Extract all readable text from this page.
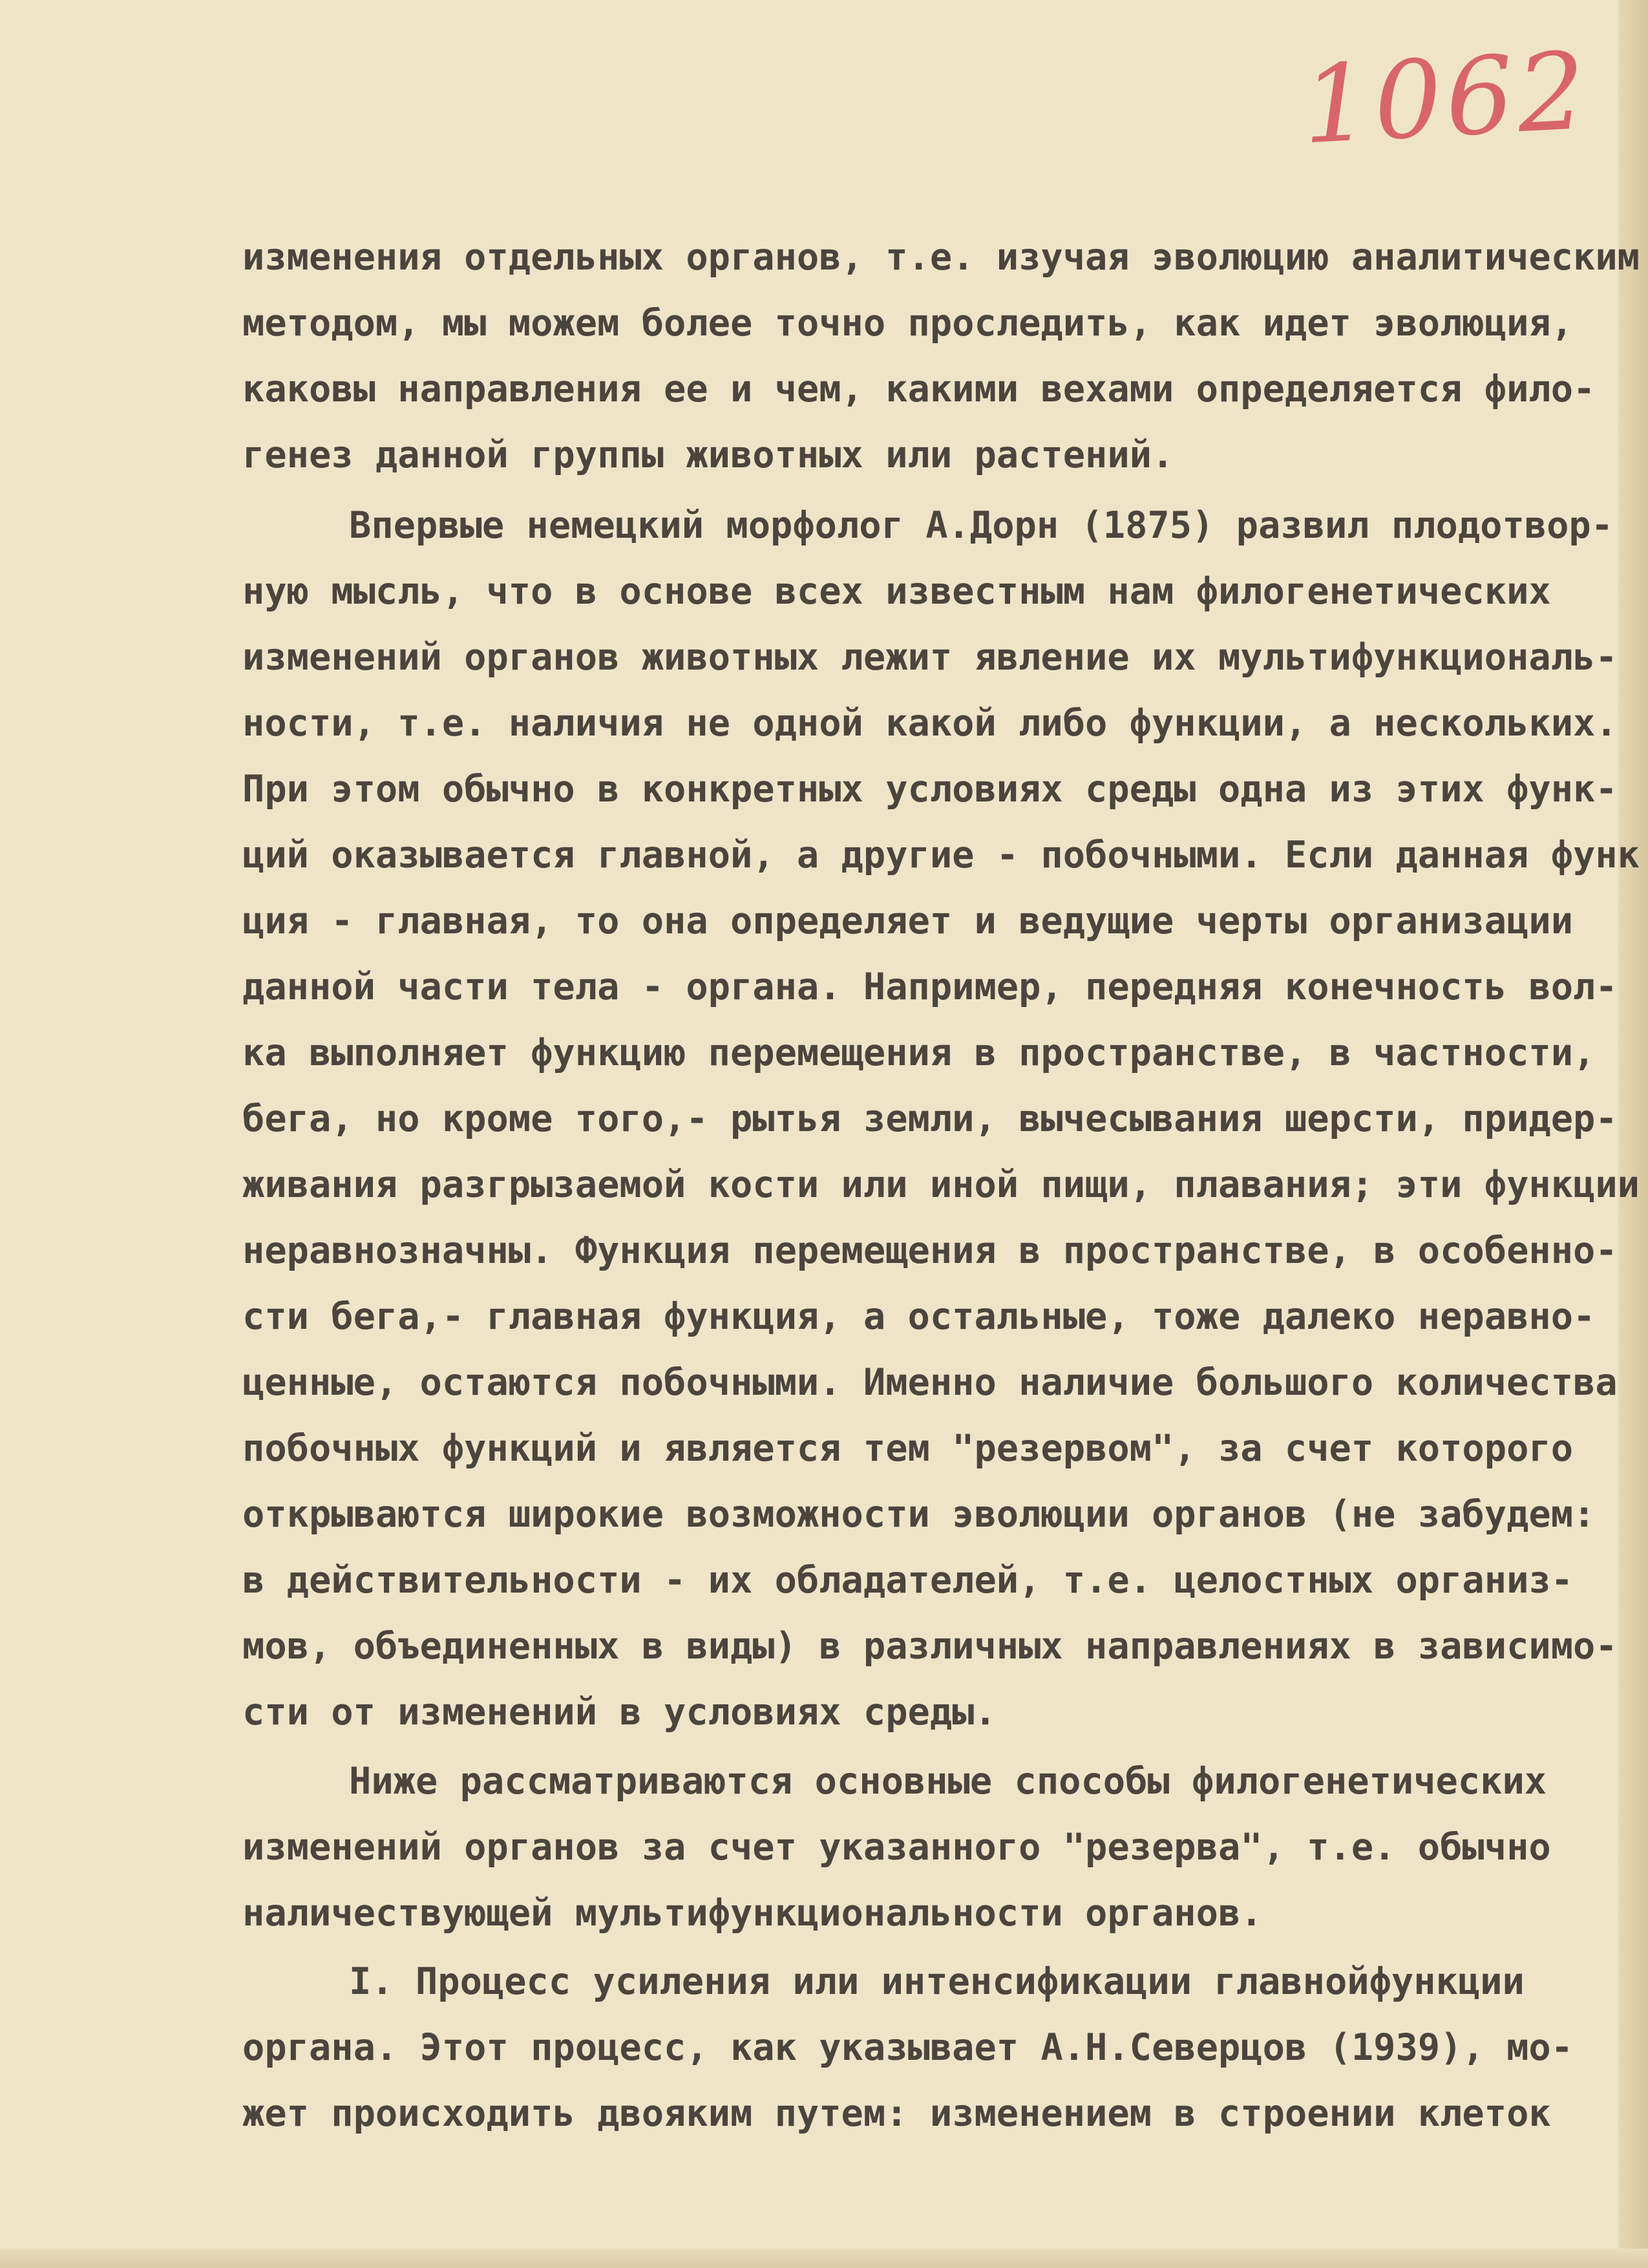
1062
изменения отдельных органов, т.е. изучая эволюцию аналитическим
методом, мы можем более точно проследить, как идет эволюция,
каковы направления ее и чем, какими вехами определяется фило-
генез данной группы животных или растений.
Впервые немецкий морфолог А.Дорн (1875) развил плодотвор-
ную мысль, что в основе всех известным нам филогенетических
изменений органов животных лежит явление их мультифункциональ-
ности, т.е. наличия не одной какой либо функции, а нескольких.
При этом обычно в конкретных условиях среды одна из этих функ-
ций оказывается главной, а другие - побочными. Если данная функ
ция - главная, то она определяет и ведущие черты организации
данной части тела - органа. Например, передняя конечность вол-
ка выполняет функцию перемещения в пространстве, в частности,
бега, но кроме того,- рытья земли, вычесывания шерсти, придер-
живания разгрызаемой кости или иной пищи, плавания; эти функции
неравнозначны. Функция перемещения в пространстве, в особенно-
сти бега,- главная функция, а остальные, тоже далеко неравно-
ценные, остаются побочными. Именно наличие большого количества
побочных функций и является тем "резервом", за счет которого
открываются широкие возможности эволюции органов (не забудем:
в действительности - их обладателей, т.е. целостных организ-
мов, объединенных в виды) в различных направлениях в зависимо-
сти от изменений в условиях среды.
Ниже рассматриваются основные способы филогенетических
изменений органов за счет указанного "резерва", т.е. обычно
наличествующей мультифункциональности органов.
I. Процесс усиления или интенсификации главнойфункции
органа. Этот процесс, как указывает А.Н.Северцов (1939), мо-
жет происходить двояким путем: изменением в строении клеток
